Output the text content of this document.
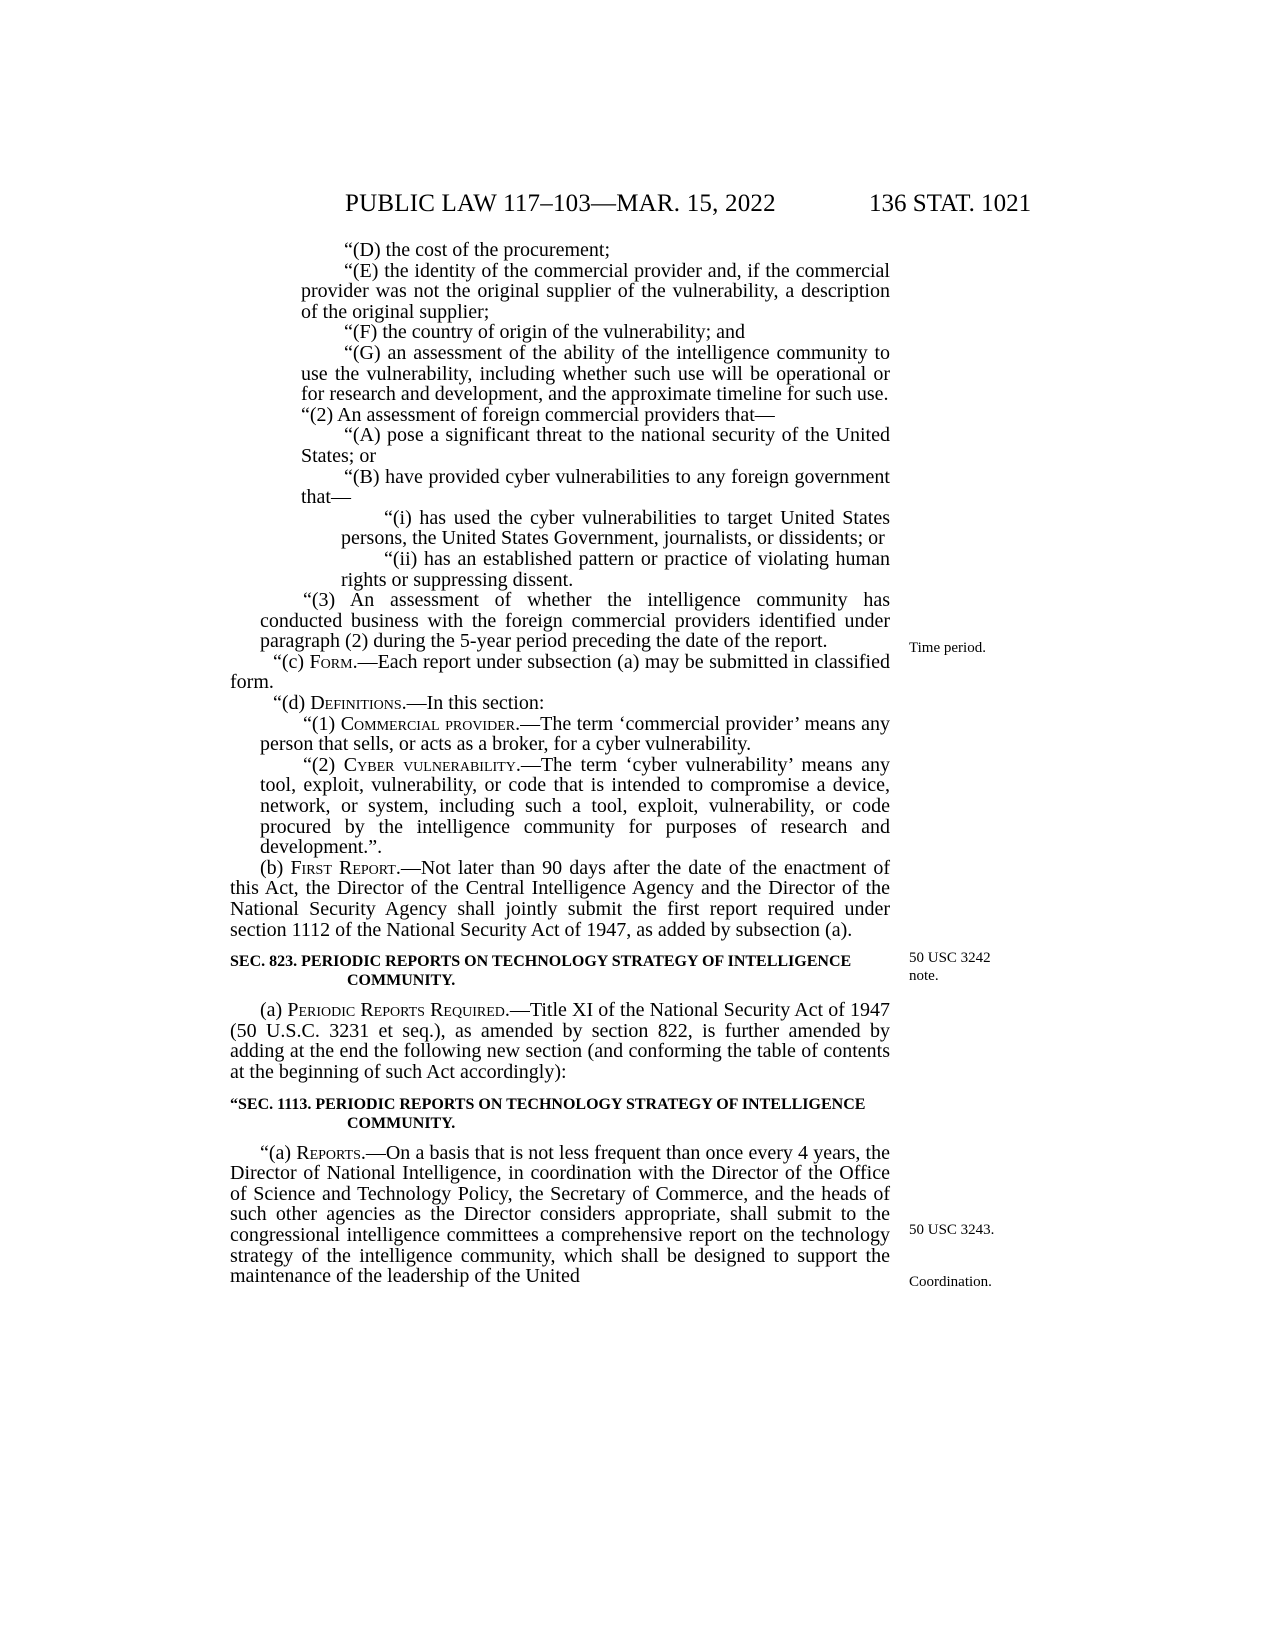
PUBLIC LAW 117–103—MAR. 15, 2022	136 STAT. 1021

“(D) the cost of the procurement;

“(E) the identity of the commercial provider and, if the commercial provider was not the original supplier of the vulnerability, a description of the original supplier;

“(F) the country of origin of the vulnerability; and

“(G) an assessment of the ability of the intelligence community to use the vulnerability, including whether such use will be operational or for research and development, and the approximate timeline for such use.

“(2) An assessment of foreign commercial providers that—

“(A) pose a significant threat to the national security of the United States; or

“(B) have provided cyber vulnerabilities to any foreign government that—

“(i) has used the cyber vulnerabilities to target United States persons, the United States Government, journalists, or dissidents; or

“(ii) has an established pattern or practice of violating human rights or suppressing dissent.

“(3) An assessment of whether the intelligence community has conducted business with the foreign commercial providers identified under paragraph (2) during the 5-year period preceding the date of the report.

“(c) Form.—Each report under subsection (a) may be submitted in classified form.

“(d) Definitions.—In this section:

“(1) Commercial provider.—The term ‘commercial provider’ means any person that sells, or acts as a broker, for a cyber vulnerability.

“(2) Cyber vulnerability.—The term ‘cyber vulnerability’ means any tool, exploit, vulnerability, or code that is intended to compromise a device, network, or system, including such a tool, exploit, vulnerability, or code procured by the intelligence community for purposes of research and development.”.

(b) First Report.—Not later than 90 days after the date of the enactment of this Act, the Director of the Central Intelligence Agency and the Director of the National Security Agency shall jointly submit the first report required under section 1112 of the National Security Act of 1947, as added by subsection (a).

SEC. 823. PERIODIC REPORTS ON TECHNOLOGY STRATEGY OF INTELLIGENCE COMMUNITY.

(a) Periodic Reports Required.—Title XI of the National Security Act of 1947 (50 U.S.C. 3231 et seq.), as amended by section 822, is further amended by adding at the end the following new section (and conforming the table of contents at the beginning of such Act accordingly):

“SEC. 1113. PERIODIC REPORTS ON TECHNOLOGY STRATEGY OF INTELLIGENCE COMMUNITY.

“(a) Reports.—On a basis that is not less frequent than once every 4 years, the Director of National Intelligence, in coordination with the Director of the Office of Science and Technology Policy, the Secretary of Commerce, and the heads of such other agencies as the Director considers appropriate, shall submit to the congressional intelligence committees a comprehensive report on the technology strategy of the intelligence community, which shall be designed to support the maintenance of the leadership of the United

Time period.
50 USC 3242
note.
50 USC 3243.
Coordination.
